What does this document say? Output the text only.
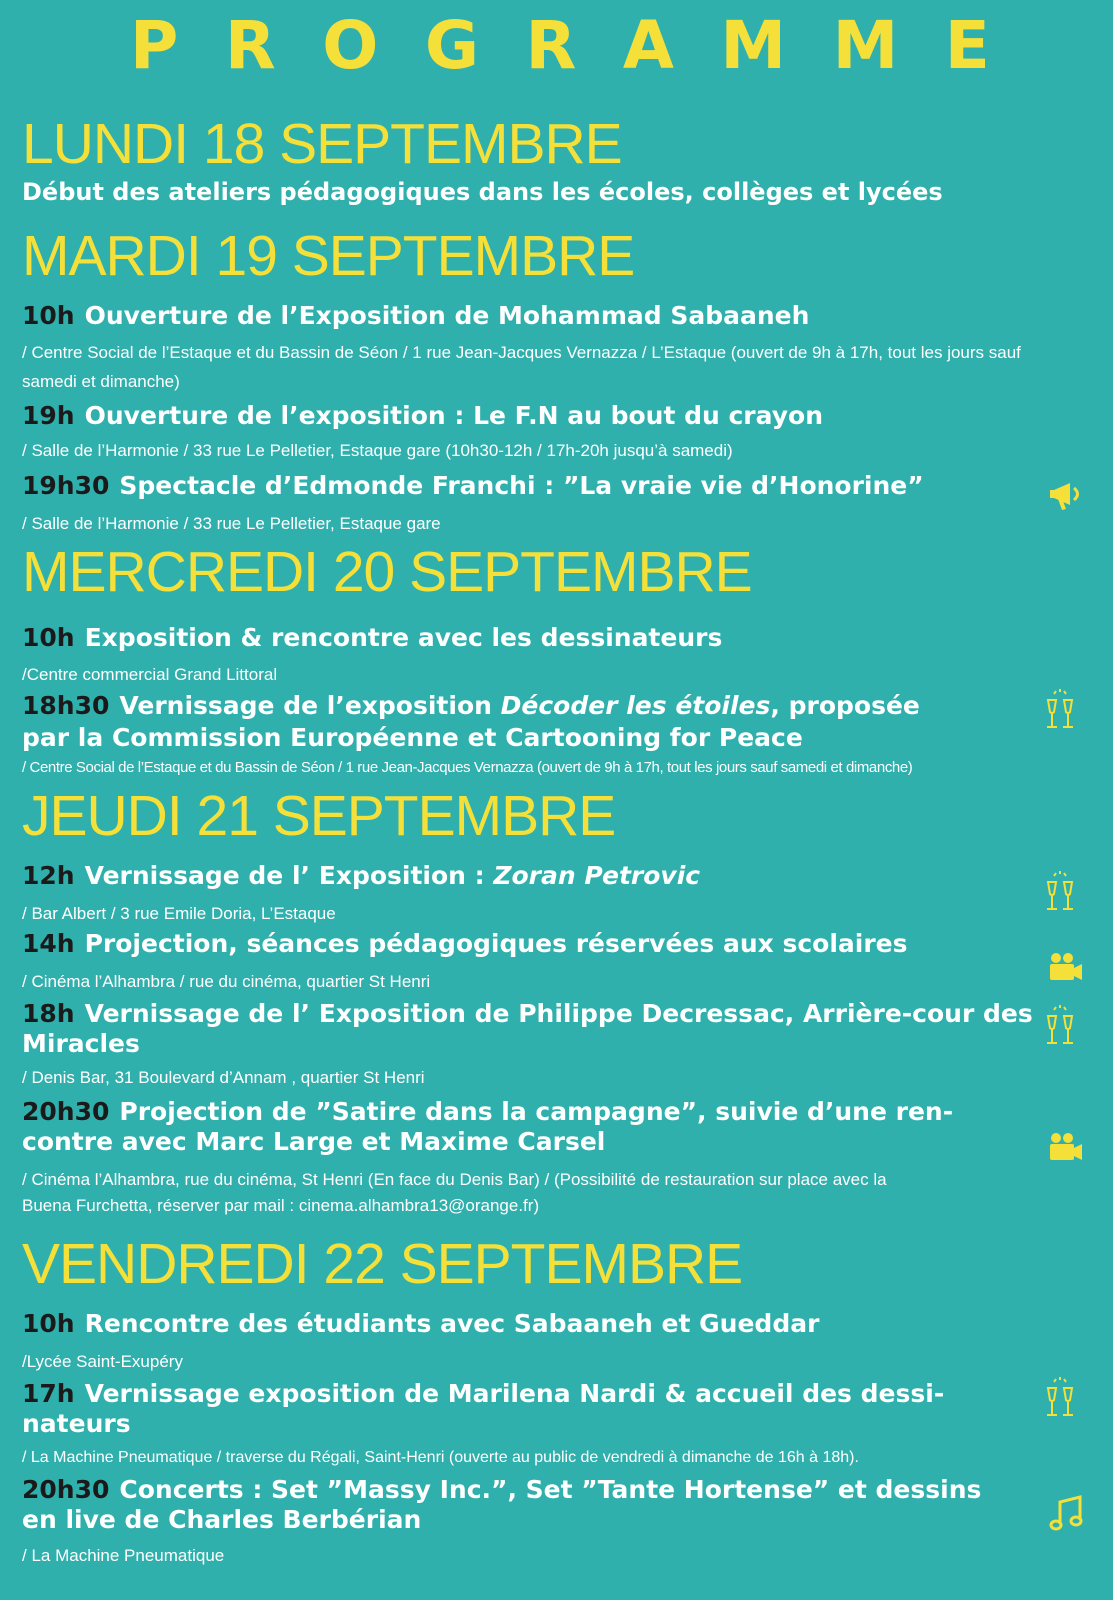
P R O G R A M M E
LUNDI 18 SEPTEMBRE
Début des ateliers pédagogiques dans les écoles, collèges et lycées
MARDI 19 SEPTEMBRE
10h Ouverture de l’Exposition de Mohammad Sabaaneh
/ Centre Social de l’Estaque et du Bassin de Séon / 1 rue Jean-Jacques Vernazza / L’Estaque (ouvert de 9h à 17h, tout les jours sauf samedi et dimanche)
19h Ouverture de l’exposition : Le F.N au bout du crayon
/ Salle de l’Harmonie / 33 rue Le Pelletier, Estaque gare (10h30-12h / 17h-20h jusqu’à samedi)
19h30 Spectacle d’Edmonde Franchi : ”La vraie vie d’Honorine”
/ Salle de l’Harmonie / 33 rue Le Pelletier, Estaque gare
MERCREDI 20 SEPTEMBRE
10h Exposition & rencontre avec les dessinateurs
/Centre commercial Grand Littoral
18h30 Vernissage de l’exposition Décoder les étoiles, proposée
par la Commission Européenne et Cartooning for Peace
/ Centre Social de l’Estaque et du Bassin de Séon / 1 rue Jean-Jacques Vernazza (ouvert de 9h à 17h, tout les jours sauf samedi et dimanche)
JEUDI 21 SEPTEMBRE
12h Vernissage de l’ Exposition : Zoran Petrovic
/ Bar Albert / 3 rue Emile Doria, L’Estaque
14h Projection, séances pédagogiques réservées aux scolaires
/ Cinéma l’Alhambra / rue du cinéma, quartier St Henri
18h Vernissage de l’ Exposition de Philippe Decressac, Arrière-cour des
Miracles
/ Denis Bar, 31 Boulevard d’Annam , quartier St Henri
20h30 Projection de ”Satire dans la campagne”, suivie d’une ren-
contre avec Marc Large et Maxime Carsel
/ Cinéma l’Alhambra, rue du cinéma, St Henri (En face du Denis Bar) / (Possibilité de restauration sur place avec la
Buena Furchetta, réserver par mail : cinema.alhambra13@orange.fr)
VENDREDI 22 SEPTEMBRE
10h Rencontre des étudiants avec Sabaaneh et Gueddar
/Lycée Saint-Exupéry
17h Vernissage exposition de Marilena Nardi & accueil des dessi-
nateurs
/ La Machine Pneumatique / traverse du Régali, Saint-Henri (ouverte au public de vendredi à dimanche de 16h à 18h).
20h30 Concerts : Set ”Massy Inc.”, Set ”Tante Hortense” et dessins
en live de Charles Berbérian
/ La Machine Pneumatique
